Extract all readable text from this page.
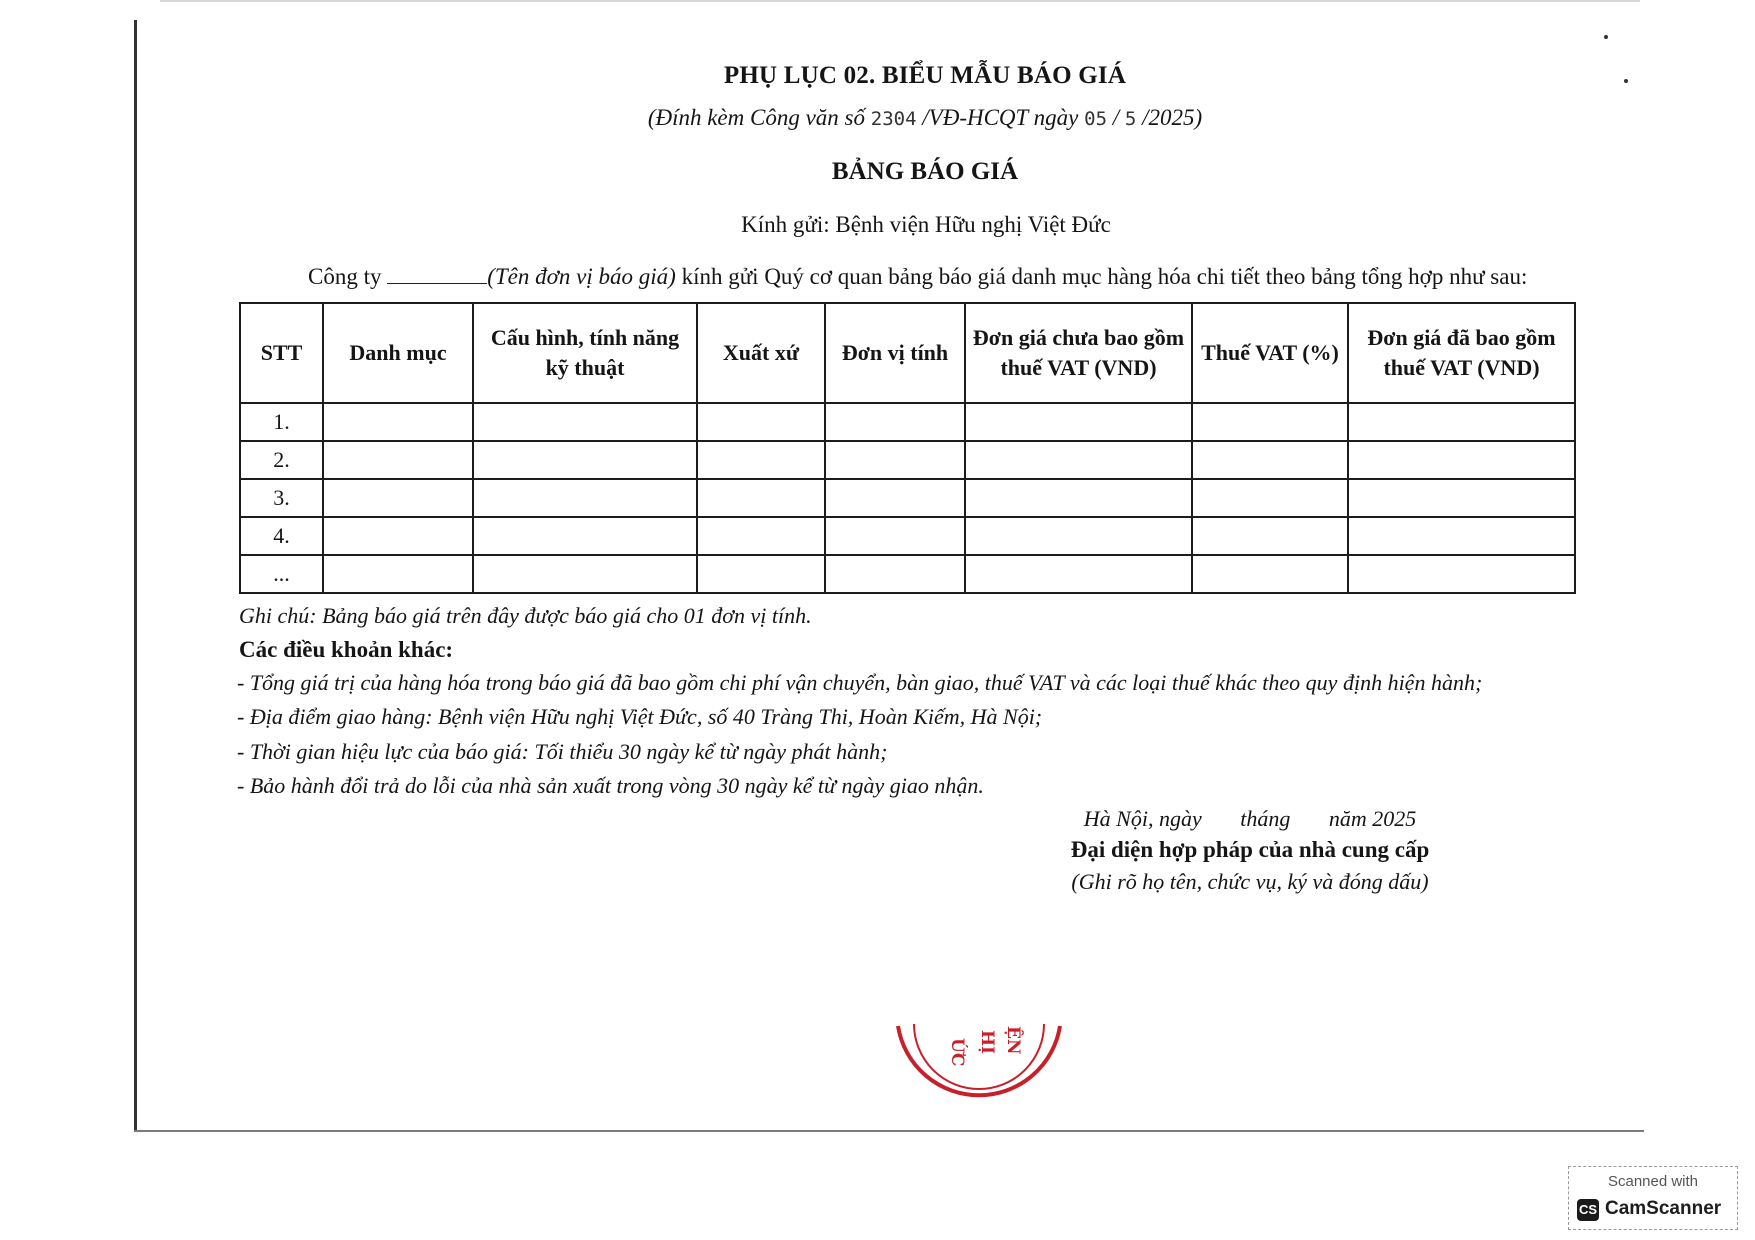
PHỤ LỤC 02. BIỂU MẪU BÁO GIÁ
(Đính kèm Công văn số 2304 /VĐ-HCQT ngày 05 / 5 /2025)
BẢNG BÁO GIÁ
Kính gửi: Bệnh viện Hữu nghị Việt Đức
Công ty	(Tên đơn vị báo giá) kính gửi Quý cơ quan bảng báo giá danh mục hàng hóa chi tiết theo bảng tổng hợp như sau:
STT	Danh mục	Cấu hình, tính năng kỹ thuật	Xuất xứ	Đơn vị tính	Đơn giá chưa bao gồm thuế VAT (VND)	Thuế VAT (%)	Đơn giá đã bao gồm thuế VAT (VND)
1.							
2.							
3.							
4.							
...							
Ghi chú: Bảng báo giá trên đây được báo giá cho 01 đơn vị tính.
Các điều khoản khác:
- Tổng giá trị của hàng hóa trong báo giá đã bao gồm chi phí vận chuyển, bàn giao, thuế VAT và các loại thuế khác theo quy định hiện hành;
- Địa điểm giao hàng: Bệnh viện Hữu nghị Việt Đức, số 40 Tràng Thi, Hoàn Kiếm, Hà Nội;
- Thời gian hiệu lực của báo giá: Tối thiểu 30 ngày kể từ ngày phát hành;
- Bảo hành đổi trả do lỗi của nhà sản xuất trong vòng 30 ngày kể từ ngày giao nhận.
Hà Nội, ngày       tháng       năm 2025
Đại diện hợp pháp của nhà cung cấp
(Ghi rõ họ tên, chức vụ, ký và đóng dấu)
ỨC HỊ ỆN
Scanned with
CS CamScanner
